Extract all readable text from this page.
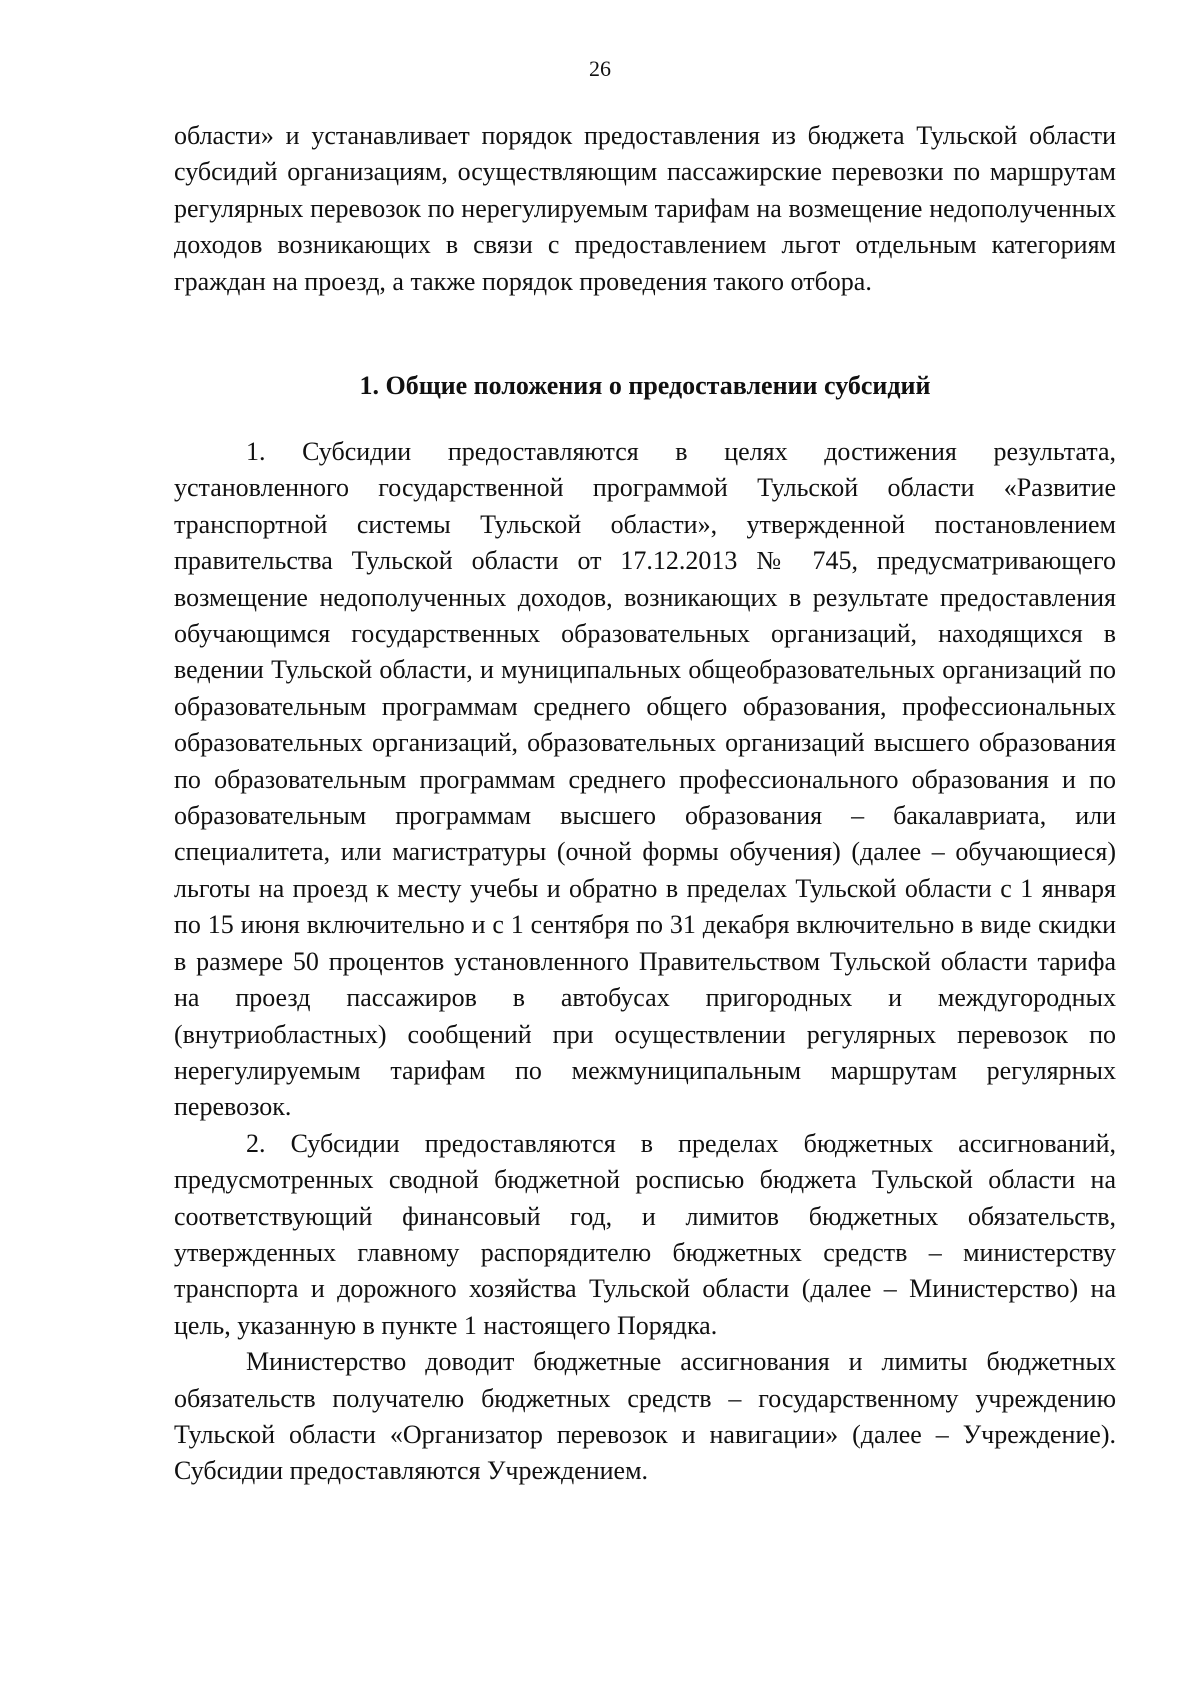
26

области» и устанавливает порядок предоставления из бюджета Тульской области субсидий организациям, осуществляющим пассажирские перевозки по маршрутам регулярных перевозок по нерегулируемым тарифам на возмещение недополученных доходов возникающих в связи с предоставлением льгот отдельным категориям граждан на проезд, а также порядок проведения такого отбора.

1. Общие положения о предоставлении субсидий

1. Субсидии предоставляются в целях достижения результата, установленного государственной программой Тульской области «Развитие транспортной системы Тульской области», утвержденной постановлением правительства Тульской области от 17.12.2013 № 745, предусматривающего возмещение недополученных доходов, возникающих в результате предоставления обучающимся государственных образовательных организаций, находящихся в ведении Тульской области, и муниципальных общеобразовательных организаций по образовательным программам среднего общего образования, профессиональных образовательных организаций, образовательных организаций высшего образования по образовательным программам среднего профессионального образования и по образовательным программам высшего образования – бакалавриата, или специалитета, или магистратуры (очной формы обучения) (далее – обучающиеся) льготы на проезд к месту учебы и обратно в пределах Тульской области с 1 января по 15 июня включительно и с 1 сентября по 31 декабря включительно в виде скидки в размере 50 процентов установленного Правительством Тульской области тарифа на проезд пассажиров в автобусах пригородных и междугородных (внутриобластных) сообщений при осуществлении регулярных перевозок по нерегулируемым тарифам по межмуниципальным маршрутам регулярных перевозок.

2. Субсидии предоставляются в пределах бюджетных ассигнований, предусмотренных сводной бюджетной росписью бюджета Тульской области на соответствующий финансовый год, и лимитов бюджетных обязательств, утвержденных главному распорядителю бюджетных средств – министерству транспорта и дорожного хозяйства Тульской области (далее – Министерство) на цель, указанную в пункте 1 настоящего Порядка.

Министерство доводит бюджетные ассигнования и лимиты бюджетных обязательств получателю бюджетных средств – государственному учреждению Тульской области «Организатор перевозок и навигации» (далее – Учреждение). Субсидии предоставляются Учреждением.
